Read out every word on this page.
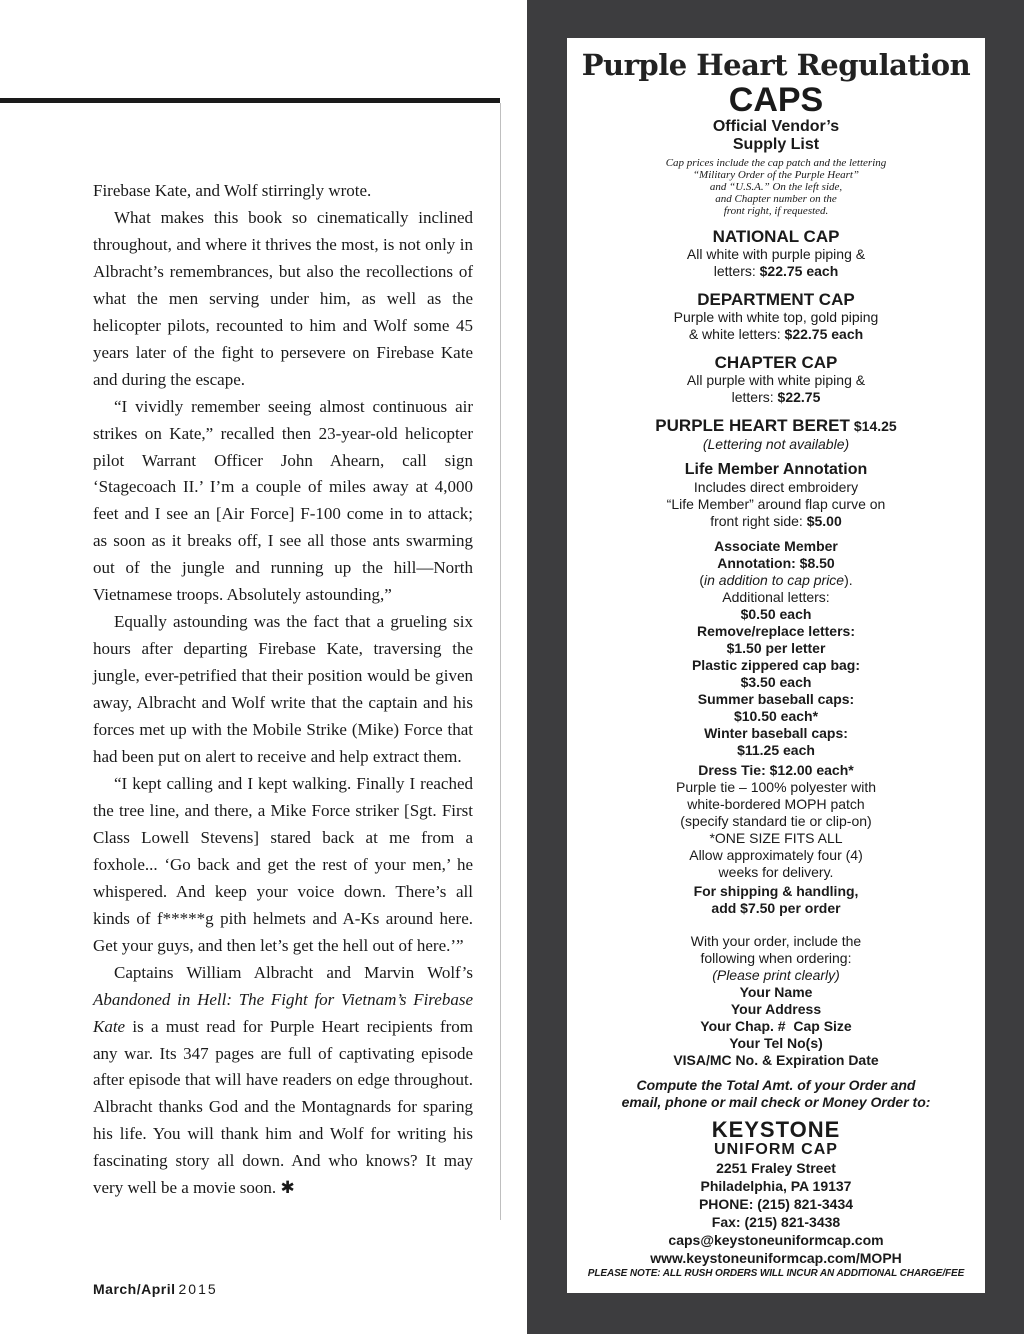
Firebase Kate, and Wolf stirringly wrote.

What makes this book so cinematically inclined throughout, and where it thrives the most, is not only in Albracht’s remembrances, but also the recollections of what the men serving under him, as well as the helicopter pilots, recounted to him and Wolf some 45 years later of the fight to persevere on Firebase Kate and during the escape.

“I vividly remember seeing almost continuous air strikes on Kate,” recalled then 23-year-old helicopter pilot Warrant Officer John Ahearn, call sign ‘Stagecoach II.’ I’m a couple of miles away at 4,000 feet and I see an [Air Force] F-100 come in to attack; as soon as it breaks off, I see all those ants swarming out of the jungle and running up the hill—North Vietnamese troops. Absolutely astounding,”

Equally astounding was the fact that a grueling six hours after departing Firebase Kate, traversing the jungle, ever-petrified that their position would be given away, Albracht and Wolf write that the captain and his forces met up with the Mobile Strike (Mike) Force that had been put on alert to receive and help extract them.

“I kept calling and I kept walking. Finally I reached the tree line, and there, a Mike Force striker [Sgt. First Class Lowell Stevens] stared back at me from a foxhole... ‘Go back and get the rest of your men,’ he whispered. And keep your voice down. There’s all kinds of f*****g pith helmets and A-Ks around here. Get your guys, and then let’s get the hell out of here.’”

Captains William Albracht and Marvin Wolf’s Abandoned in Hell: The Fight for Vietnam’s Firebase Kate is a must read for Purple Heart recipients from any war. Its 347 pages are full of captivating episode after episode that will have readers on edge throughout. Albracht thanks God and the Montagnards for sparing his life. You will thank him and Wolf for writing his fascinating story all down. And who knows? It may very well be a movie soon. ✱

March/April 2015
Purple Heart Regulation
CAPS
Official Vendor’s
Supply List
Cap prices include the cap patch and the lettering
“Military Order of the Purple Heart”
and “U.S.A.” On the left side,
and Chapter number on the
front right, if requested.
NATIONAL CAP
All white with purple piping &
letters: $22.75 each
DEPARTMENT CAP
Purple with white top, gold piping
& white letters: $22.75 each
CHAPTER CAP
All purple with white piping &
letters: $22.75
PURPLE HEART BERET $14.25
(Lettering not available)
Life Member Annotation
Includes direct embroidery
“Life Member” around flap curve on
front right side: $5.00
Associate Member
Annotation: $8.50
(in addition to cap price).
Additional letters:
$0.50 each
Remove/replace letters:
$1.50 per letter
Plastic zippered cap bag:
$3.50 each
Summer baseball caps:
$10.50 each*
Winter baseball caps:
$11.25 each
Dress Tie: $12.00 each*
Purple tie – 100% polyester with
white-bordered MOPH patch
(specify standard tie or clip-on)
*ONE SIZE FITS ALL
Allow approximately four (4)
weeks for delivery.
For shipping & handling,
add $7.50 per order
With your order, include the
following when ordering:
(Please print clearly)
Your Name
Your Address
Your Chap. #  Cap Size
Your Tel No(s)
VISA/MC No. & Expiration Date
Compute the Total Amt. of your Order and
email, phone or mail check or Money Order to:
KEYSTONE
UNIFORM CAP
2251 Fraley Street
Philadelphia, PA 19137
PHONE: (215) 821-3434
Fax: (215) 821-3438
caps@keystoneuniformcap.com
www.keystoneuniformcap.com/MOPH
PLEASE NOTE: ALL RUSH ORDERS WILL INCUR AN ADDITIONAL CHARGE/FEE
